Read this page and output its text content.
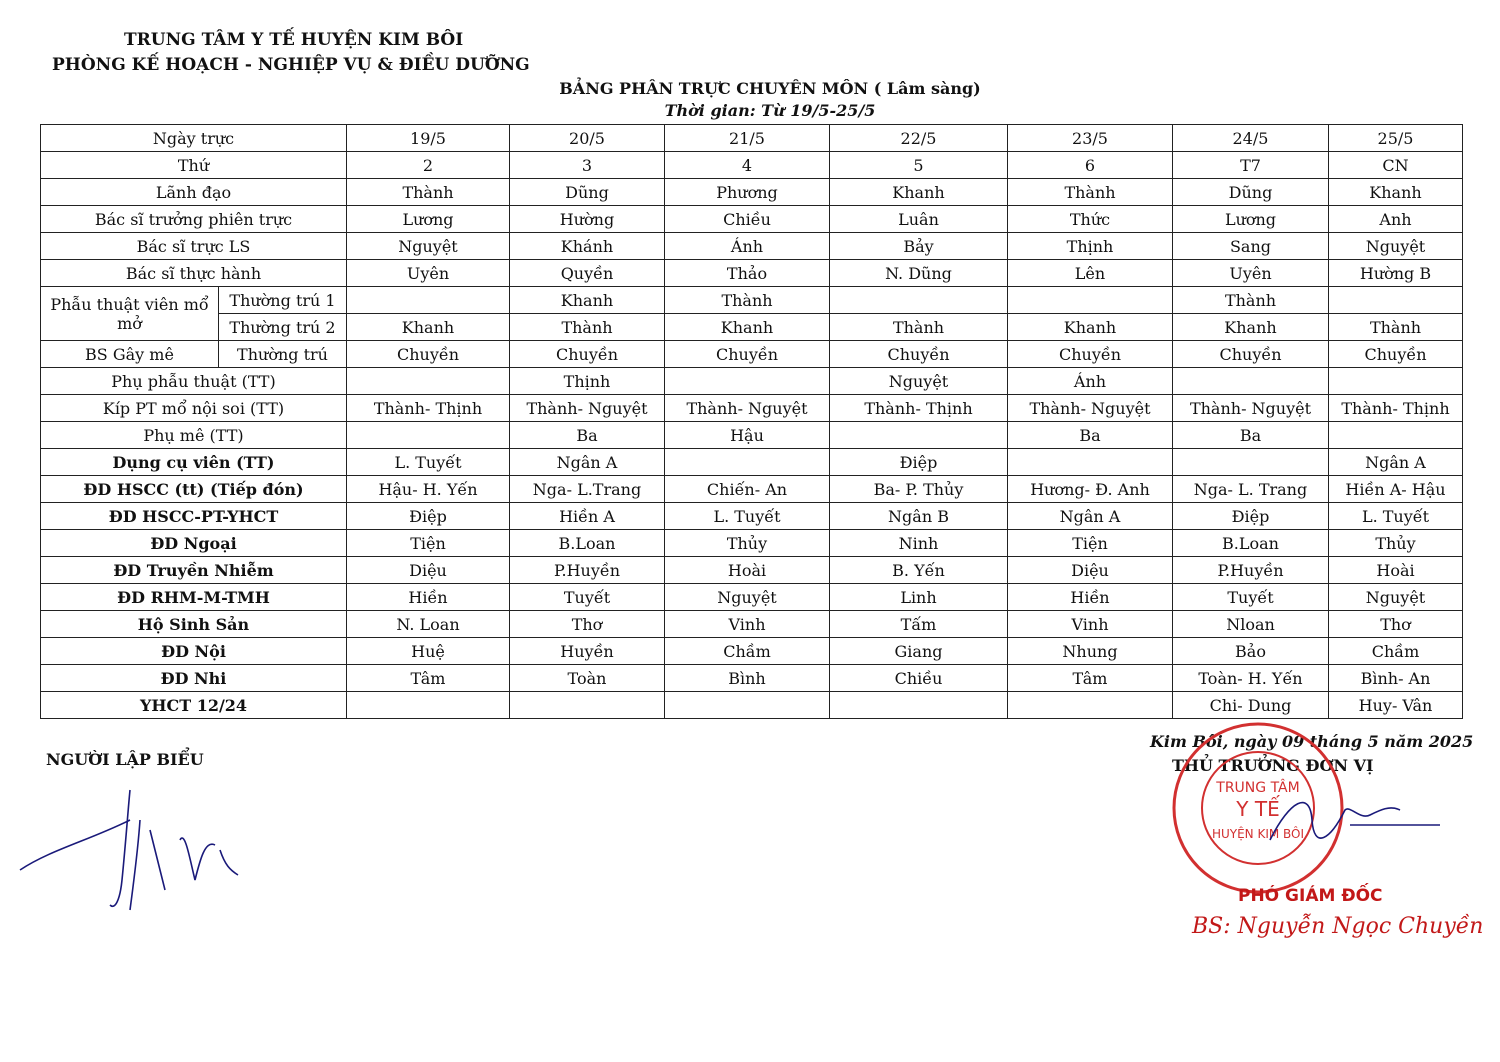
TRUNG TÂM Y TẾ HUYỆN KIM BÔI
PHÒNG KẾ HOẠCH - NGHIỆP VỤ & ĐIỀU DƯỠNG
BẢNG PHÂN TRỰC CHUYÊN MÔN ( Lâm sàng)
Thời gian: Từ 19/5-25/5
Ngày trực		19/5	20/5	21/5	22/5	23/5	24/5	25/5
Thứ		2	3	4	5	6	T7	CN
Lãnh đạo		Thành	Dũng	Phương	Khanh	Thành	Dũng	Khanh
Bác sĩ trưởng phiên trực		Lương	Hường	Chiều	Luân	Thức	Lương	Anh
Bác sĩ trực LS		Nguyệt	Khánh	Ánh	Bảy	Thịnh	Sang	Nguyệt
Bác sĩ thực hành		Uyên	Quyền	Thảo	N. Dũng	Lên	Uyên	Hường B
Phẫu thuật viên mổ mở	Thường trú 1		Khanh	Thành			Thành	
	Thường trú 2	Khanh	Thành	Khanh	Thành	Khanh	Khanh	Thành
BS Gây mê	Thường trú	Chuyền	Chuyền	Chuyền	Chuyền	Chuyền	Chuyền	Chuyền
Phụ phẫu thuật (TT)			Thịnh		Nguyệt	Ánh		
Kíp PT mổ nội soi (TT)		Thành- Thịnh	Thành- Nguyệt	Thành- Nguyệt	Thành- Thịnh	Thành- Nguyệt	Thành- Nguyệt	Thành- Thịnh
Phụ mê (TT)			Ba	Hậu		Ba	Ba	
Dụng cụ viên (TT)		L. Tuyết	Ngân A		Điệp			Ngân A
ĐD HSCC (tt) (Tiếp đón)		Hậu- H. Yến	Nga- L.Trang	Chiến- An	Ba- P. Thủy	Hương- Đ. Anh	Nga- L. Trang	Hiền A- Hậu
ĐD HSCC-PT-YHCT		Điệp	Hiền A	L. Tuyết	Ngân B	Ngân A	Điệp	L. Tuyết
ĐD Ngoại		Tiện	B.Loan	Thủy	Ninh	Tiện	B.Loan	Thủy
ĐD Truyền Nhiễm		Diệu	P.Huyền	Hoài	B. Yến	Diệu	P.Huyền	Hoài
ĐD RHM-M-TMH		Hiền	Tuyết	Nguyệt	Linh	Hiền	Tuyết	Nguyệt
Hộ Sinh Sản		N. Loan	Thơ	Vinh	Tấm	Vinh	Nloan	Thơ
ĐD Nội		Huệ	Huyền	Chầm	Giang	Nhung	Bảo	Chầm
ĐD Nhi		Tâm	Toàn	Bình	Chiều	Tâm	Toàn- H. Yến	Bình- An
YHCT 12/24							Chi- Dung	Huy- Vân
NGƯỜI LẬP BIỂU
Kim Bôi, ngày 09 tháng 5 năm 2025
THỦ TRƯỞNG ĐƠN VỊ
TRUNG TÂM
Y TẾ
HUYỆN KIM BÔI
PHÓ GIÁM ĐỐC
BS: Nguyễn Ngọc Chuyền
